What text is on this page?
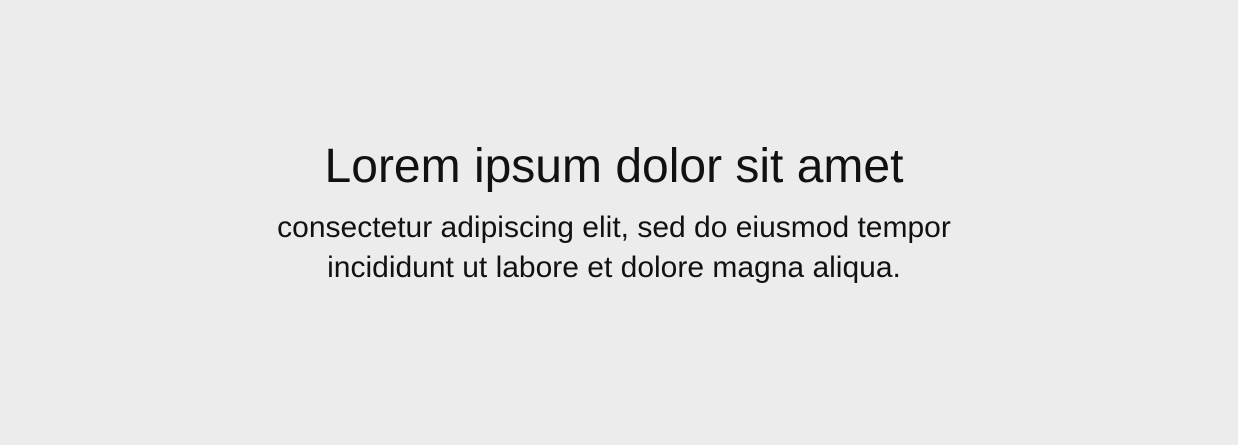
Lorem ipsum dolor sit amet

consectetur adipiscing elit, sed do eiusmod tempor
incididunt ut labore et dolore magna aliqua.
